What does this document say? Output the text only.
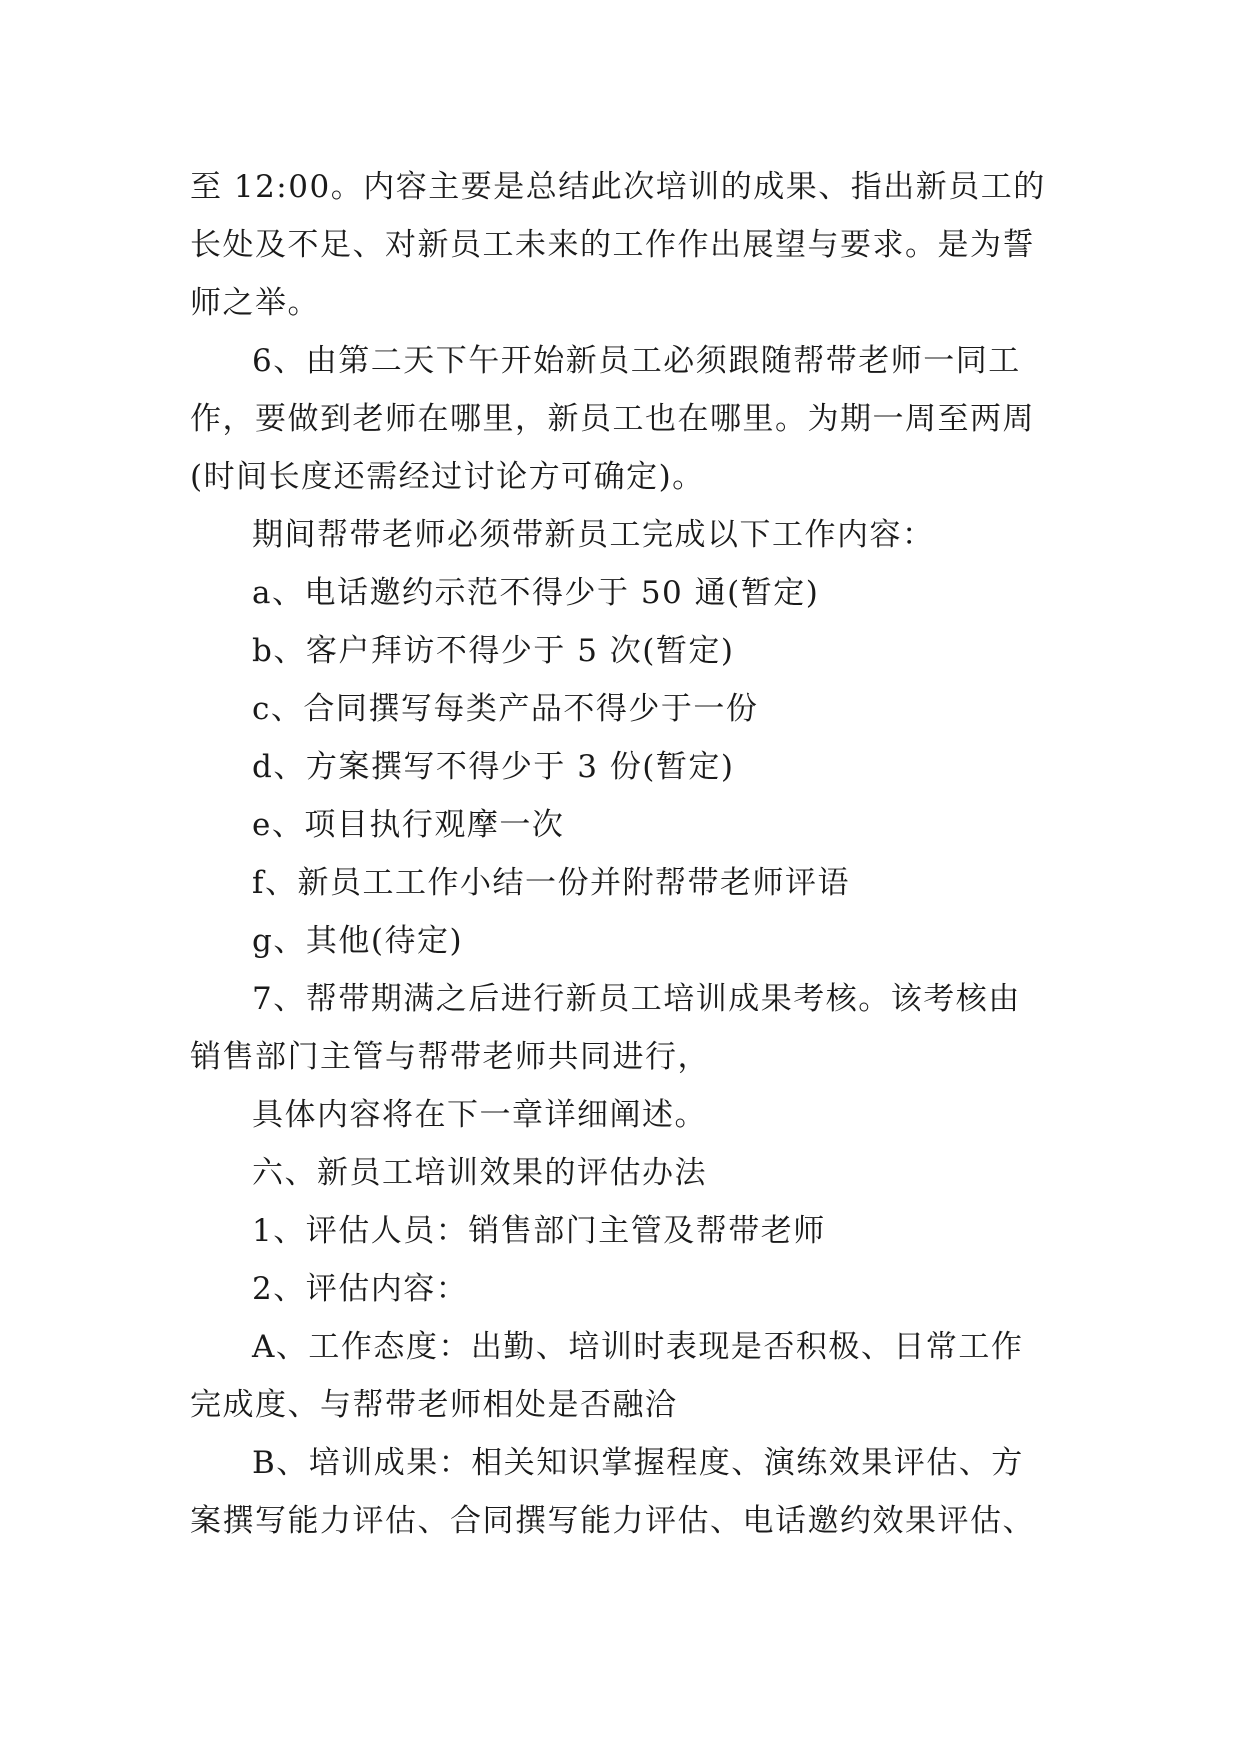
至 12:00。内容主要是总结此次培训的成果、指出新员工的
长处及不足、对新员工未来的工作作出展望与要求。是为誓
师之举。
6、由第二天下午开始新员工必须跟随帮带老师一同工
作，要做到老师在哪里，新员工也在哪里。为期一周至两周
(时间长度还需经过讨论方可确定)。
期间帮带老师必须带新员工完成以下工作内容：
a、电话邀约示范不得少于 50 通(暂定)
b、客户拜访不得少于 5 次(暂定)
c、合同撰写每类产品不得少于一份
d、方案撰写不得少于 3 份(暂定)
e、项目执行观摩一次
f、新员工工作小结一份并附帮带老师评语
g、其他(待定)
7、帮带期满之后进行新员工培训成果考核。该考核由
销售部门主管与帮带老师共同进行，
具体内容将在下一章详细阐述。
六、新员工培训效果的评估办法
1、评估人员：销售部门主管及帮带老师
2、评估内容：
A、工作态度：出勤、培训时表现是否积极、日常工作
完成度、与帮带老师相处是否融洽
B、培训成果：相关知识掌握程度、演练效果评估、方
案撰写能力评估、合同撰写能力评估、电话邀约效果评估、
